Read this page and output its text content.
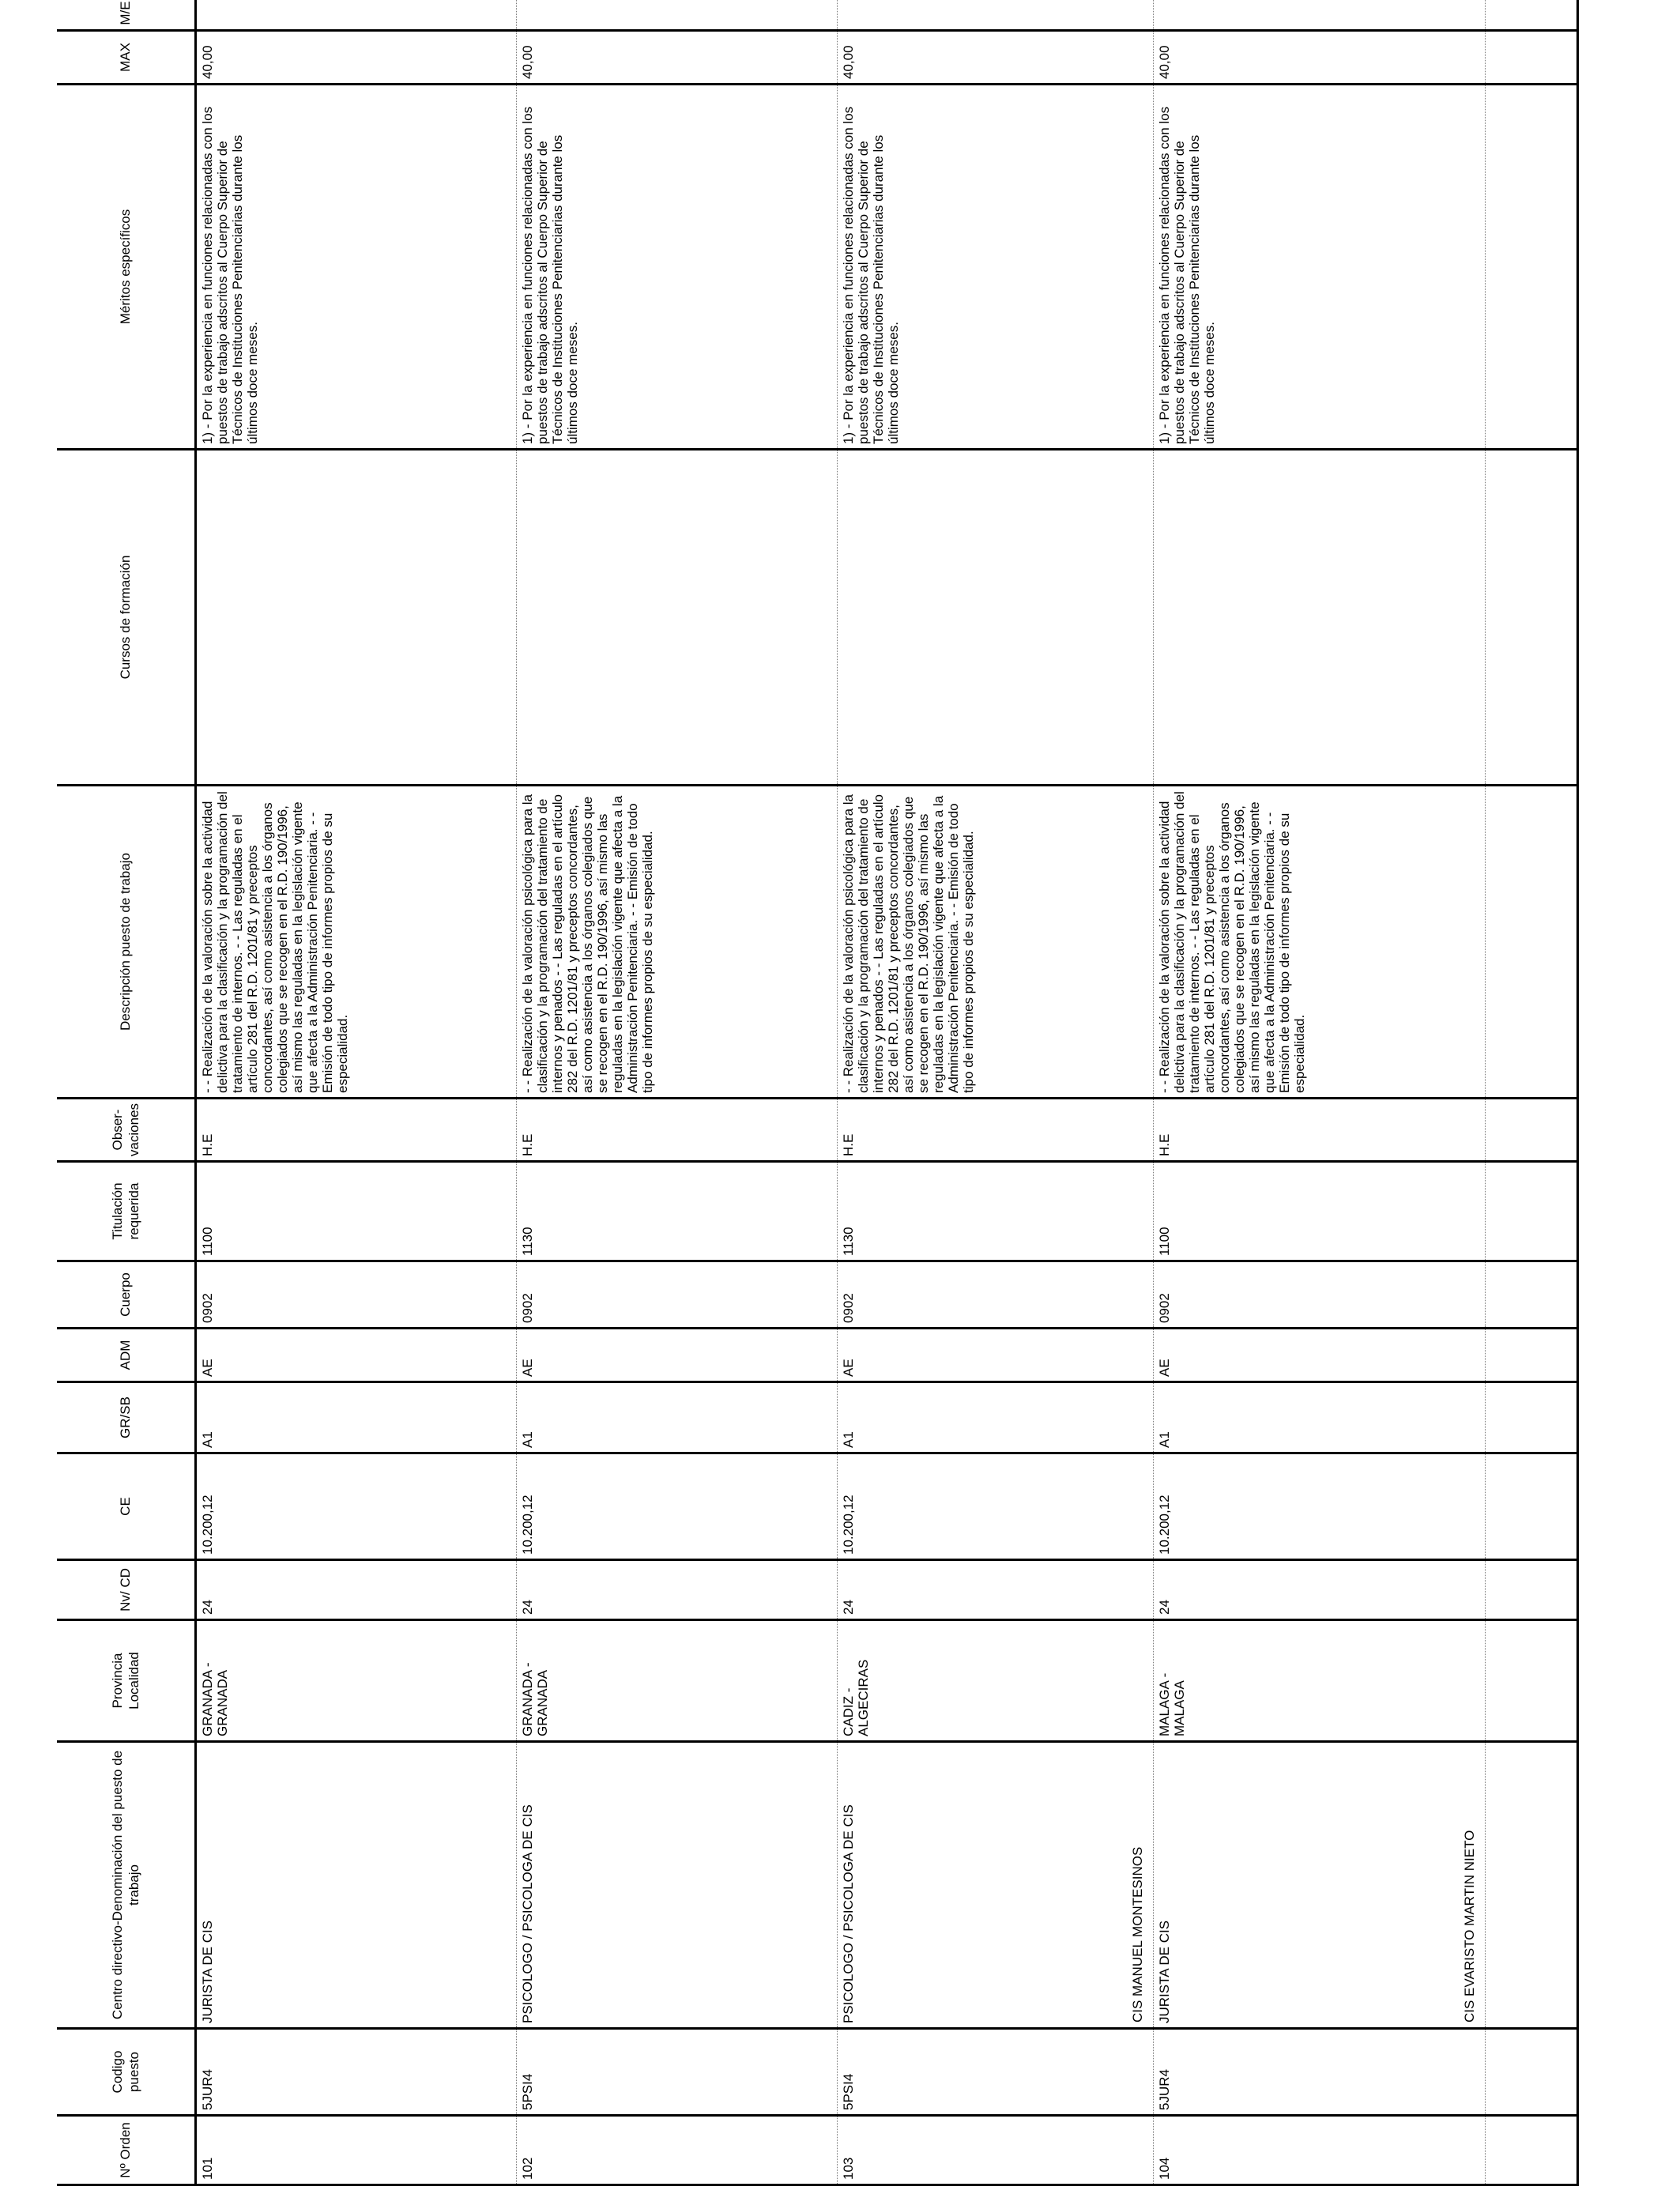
Nº Orden	Codigo puesto	Centro directivo-Denominación del puesto de trabajo	Provincia Localidad	Nv/ CD	CE	GR/SB	ADM	Cuerpo	Titulación requerida	Obser-vaciones	Descripción puesto de trabajo	Cursos de formación	Méritos específicos	MAX	M/E
101	5JUR4	JURISTA DE CIS	GRANADA - GRANADA	24	10.200,12	A1	AE	0902	1100	H.E	- - Realización de la valoración sobre la actividad delictiva para la clasificación y la programación del tratamiento de internos. - - Las reguladas en el artículo 281 del R.D. 1201/81 y preceptos concordantes, así como asistencia a los órganos colegiados que se recogen en el R.D. 190/1996, así mismo las reguladas en la legislación vigente que afecta a la Administración Penitenciaria. - - Emisión de todo tipo de informes propios de su especialidad.		1) - Por la experiencia en funciones relacionadas con los puestos de trabajo adscritos al Cuerpo Superior de Técnicos de Instituciones Penitenciarias durante los últimos doce meses.	40,00	
102	5PSI4	PSICOLOGO / PSICOLOGA DE CIS	GRANADA - GRANADA	24	10.200,12	A1	AE	0902	1130	H.E	- - Realización de la valoración psicológica para la clasificación y la programación del tratamiento de internos y penados - - Las reguladas en el artículo 282 del R.D. 1201/81 y preceptos concordantes, así como asistencia a los órganos colegiados que se recogen en el R.D. 190/1996, así mismo las reguladas en la legislación vigente que afecta a la Administración Penitenciaria. - - Emisión de todo tipo de informes propios de su especialidad.		1) - Por la experiencia en funciones relacionadas con los puestos de trabajo adscritos al Cuerpo Superior de Técnicos de Instituciones Penitenciarias durante los últimos doce meses.	40,00	
103	5PSI4	PSICOLOGO / PSICOLOGA DE CIS CIS MANUEL MONTESINOS	CADIZ - ALGECIRAS	24	10.200,12	A1	AE	0902	1130	H.E	- - Realización de la valoración psicológica para la clasificación y la programación del tratamiento de internos y penados - - Las reguladas en el artículo 282 del R.D. 1201/81 y preceptos concordantes, así como asistencia a los órganos colegiados que se recogen en el R.D. 190/1996, así mismo las reguladas en la legislación vigente que afecta a la Administración Penitenciaria. - - Emisión de todo tipo de informes propios de su especialidad.		1) - Por la experiencia en funciones relacionadas con los puestos de trabajo adscritos al Cuerpo Superior de Técnicos de Instituciones Penitenciarias durante los últimos doce meses.	40,00	
104	5JUR4	JURISTA DE CIS CIS EVARISTO MARTIN NIETO	MALAGA - MALAGA	24	10.200,12	A1	AE	0902	1100	H.E	- - Realización de la valoración sobre la actividad delictiva para la clasificación y la programación del tratamiento de internos. - - Las reguladas en el artículo 281 del R.D. 1201/81 y preceptos concordantes, así como asistencia a los órganos colegiados que se recogen en el R.D. 190/1996, así mismo las reguladas en la legislación vigente que afecta a la Administración Penitenciaria. - - Emisión de todo tipo de informes propios de su especialidad.		1) - Por la experiencia en funciones relacionadas con los puestos de trabajo adscritos al Cuerpo Superior de Técnicos de Instituciones Penitenciarias durante los últimos doce meses.	40,00	
